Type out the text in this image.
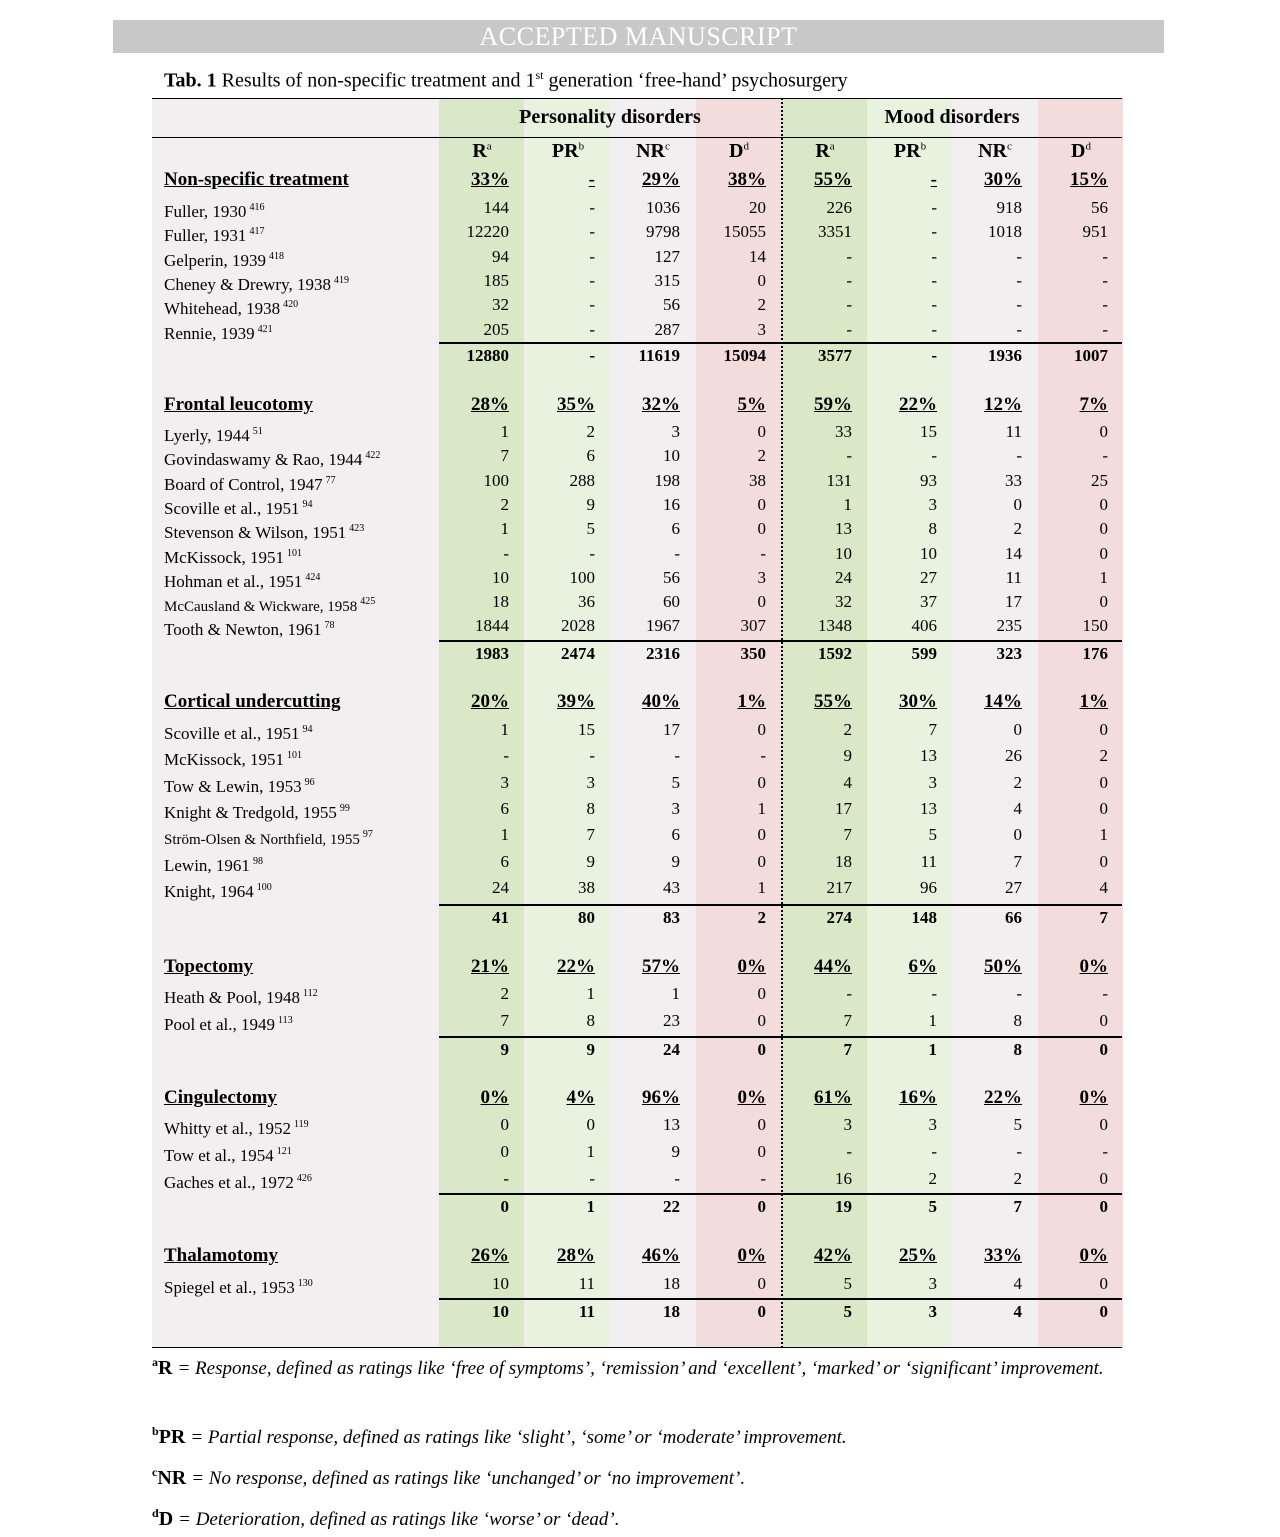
ACCEPTED MANUSCRIPT
Tab. 1 Results of non-specific treatment and 1st generation ‘free-hand’ psychosurgery
Personality disorders	Mood disorders
$R^a$	$PR^b$	$NR^c$	$D^d$	$R^a$	$PR^b$	$NR^c$	$D^d$
Non-specific treatment	33%	-	29%	38%	55%	-	30%	15%
Fuller, 1930 $^{416}$	144	-	1036	20	226	-	918	56
Fuller, 1931 $^{417}$	12220	-	9798	15055	3351	-	1018	951
Gelperin, 1939 $^{418}$	94	-	127	14	-	-	-	-
Cheney & Drewry, 1938 $^{419}$	185	-	315	0	-	-	-	-
Whitehead, 1938 $^{420}$	32	-	56	2	-	-	-	-
Rennie, 1939 $^{421}$	205	-	287	3	-	-	-	-
12880	-	11619	15094	3577	-	1936	1007
Frontal leucotomy	28%	35%	32%	5%	59%	22%	12%	7%
Lyerly, 1944 $^{51}$	1	2	3	0	33	15	11	0
Govindaswamy & Rao, 1944 $^{422}$	7	6	10	2	-	-	-	-
Board of Control, 1947 $^{77}$	100	288	198	38	131	93	33	25
Scoville et al., 1951 $^{94}$	2	9	16	0	1	3	0	0
Stevenson & Wilson, 1951 $^{423}$	1	5	6	0	13	8	2	0
McKissock, 1951 $^{101}$	-	-	-	-	10	10	14	0
Hohman et al., 1951 $^{424}$	10	100	56	3	24	27	11	1
McCausland & Wickware, 1958 $^{425}$	18	36	60	0	32	37	17	0
Tooth & Newton, 1961 $^{78}$	1844	2028	1967	307	1348	406	235	150
1983	2474	2316	350	1592	599	323	176
Cortical undercutting	20%	39%	40%	1%	55%	30%	14%	1%
Scoville et al., 1951 $^{94}$	1	15	17	0	2	7	0	0
McKissock, 1951 $^{101}$	-	-	-	-	9	13	26	2
Tow & Lewin, 1953 $^{96}$	3	3	5	0	4	3	2	0
Knight & Tredgold, 1955 $^{99}$	6	8	3	1	17	13	4	0
Ström-Olsen & Northfield, 1955 $^{97}$	1	7	6	0	7	5	0	1
Lewin, 1961 $^{98}$	6	9	9	0	18	11	7	0
Knight, 1964 $^{100}$	24	38	43	1	217	96	27	4
41	80	83	2	274	148	66	7
Topectomy	21%	22%	57%	0%	44%	6%	50%	0%
Heath & Pool, 1948 $^{112}$	2	1	1	0	-	-	-	-
Pool et al., 1949 $^{113}$	7	8	23	0	7	1	8	0
9	9	24	0	7	1	8	0
Cingulectomy	0%	4%	96%	0%	61%	16%	22%	0%
Whitty et al., 1952 $^{119}$	0	0	13	0	3	3	5	0
Tow et al., 1954 $^{121}$	0	1	9	0	-	-	-	-
Gaches et al., 1972 $^{426}$	-	-	-	-	16	2	2	0
0	1	22	0	19	5	7	0
Thalamotomy	26%	28%	46%	0%	42%	25%	33%	0%
Spiegel et al., 1953 $^{130}$	10	11	18	0	5	3	4	0
10	11	18	0	5	3	4	0
$^a$R = Response, defined as ratings like ‘free of symptoms’, ‘remission’ and ‘excellent’, ‘marked’ or ‘significant’ improvement.
$^b$PR = Partial response, defined as ratings like ‘slight’, ‘some’ or ‘moderate’ improvement.
$^c$NR = No response, defined as ratings like ‘unchanged’ or ‘no improvement’.
$^d$D = Deterioration, defined as ratings like ‘worse’ or ‘dead’.
